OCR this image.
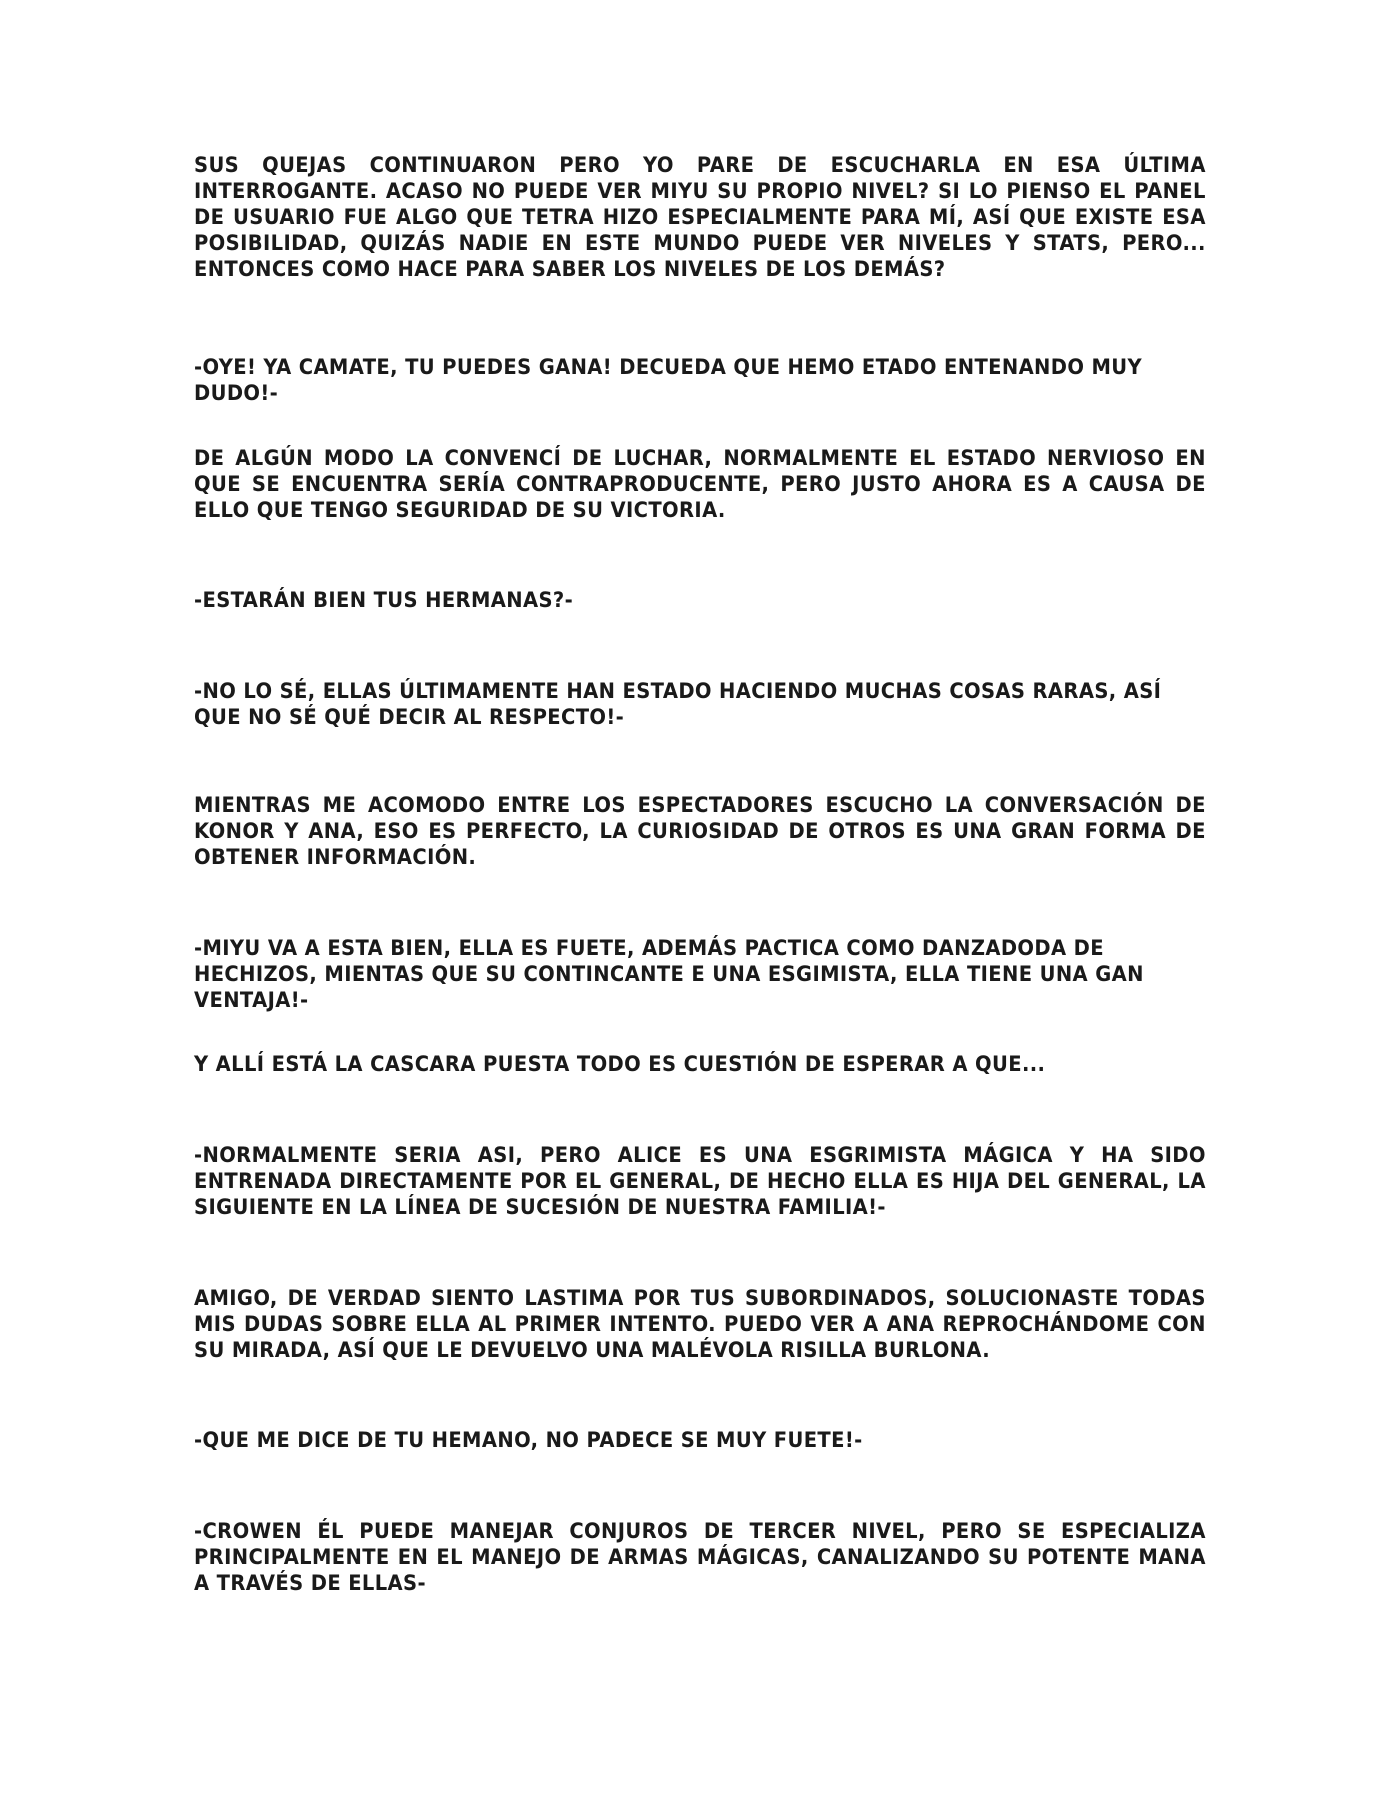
SUS QUEJAS CONTINUARON PERO YO PARE DE ESCUCHARLA EN ESA ÚLTIMA INTERROGANTE. ACASO NO PUEDE VER MIYU SU PROPIO NIVEL? SI LO PIENSO EL PANEL DE USUARIO FUE ALGO QUE TETRA HIZO ESPECIALMENTE PARA MÍ, ASÍ QUE EXISTE ESA POSIBILIDAD, QUIZÁS NADIE EN ESTE MUNDO PUEDE VER NIVELES Y STATS, PERO... ENTONCES COMO HACE PARA SABER LOS NIVELES DE LOS DEMÁS?

-OYE! YA CAMATE, TU PUEDES GANA! DECUEDA QUE HEMO ETADO ENTENANDO MUY DUDO!-

DE ALGÚN MODO LA CONVENCÍ DE LUCHAR, NORMALMENTE EL ESTADO NERVIOSO EN QUE SE ENCUENTRA SERÍA CONTRAPRODUCENTE, PERO JUSTO AHORA ES A CAUSA DE ELLO QUE TENGO SEGURIDAD DE SU VICTORIA.

-ESTARÁN BIEN TUS HERMANAS?-

-NO LO SÉ, ELLAS ÚLTIMAMENTE HAN ESTADO HACIENDO MUCHAS COSAS RARAS, ASÍ QUE NO SÉ QUÉ DECIR AL RESPECTO!-

MIENTRAS ME ACOMODO ENTRE LOS ESPECTADORES ESCUCHO LA CONVERSACIÓN DE KONOR Y ANA, ESO ES PERFECTO, LA CURIOSIDAD DE OTROS ES UNA GRAN FORMA DE OBTENER INFORMACIÓN.

-MIYU VA A ESTA BIEN, ELLA ES FUETE, ADEMÁS PACTICA COMO DANZADODA DE HECHIZOS, MIENTAS QUE SU CONTINCANTE E UNA ESGIMISTA, ELLA TIENE UNA GAN VENTAJA!-

Y ALLÍ ESTÁ LA CASCARA PUESTA TODO ES CUESTIÓN DE ESPERAR A QUE...

-NORMALMENTE SERIA ASI, PERO ALICE ES UNA ESGRIMISTA MÁGICA Y HA SIDO ENTRENADA DIRECTAMENTE POR EL GENERAL, DE HECHO ELLA ES HIJA DEL GENERAL, LA SIGUIENTE EN LA LÍNEA DE SUCESIÓN DE NUESTRA FAMILIA!-

AMIGO, DE VERDAD SIENTO LASTIMA POR TUS SUBORDINADOS, SOLUCIONASTE TODAS MIS DUDAS SOBRE ELLA AL PRIMER INTENTO. PUEDO VER A ANA REPROCHÁNDOME CON SU MIRADA, ASÍ QUE LE DEVUELVO UNA MALÉVOLA RISILLA BURLONA.

-QUE ME DICE DE TU HEMANO, NO PADECE SE MUY FUETE!-

-CROWEN ÉL PUEDE MANEJAR CONJUROS DE TERCER NIVEL, PERO SE ESPECIALIZA PRINCIPALMENTE EN EL MANEJO DE ARMAS MÁGICAS, CANALIZANDO SU POTENTE MANA A TRAVÉS DE ELLAS-
